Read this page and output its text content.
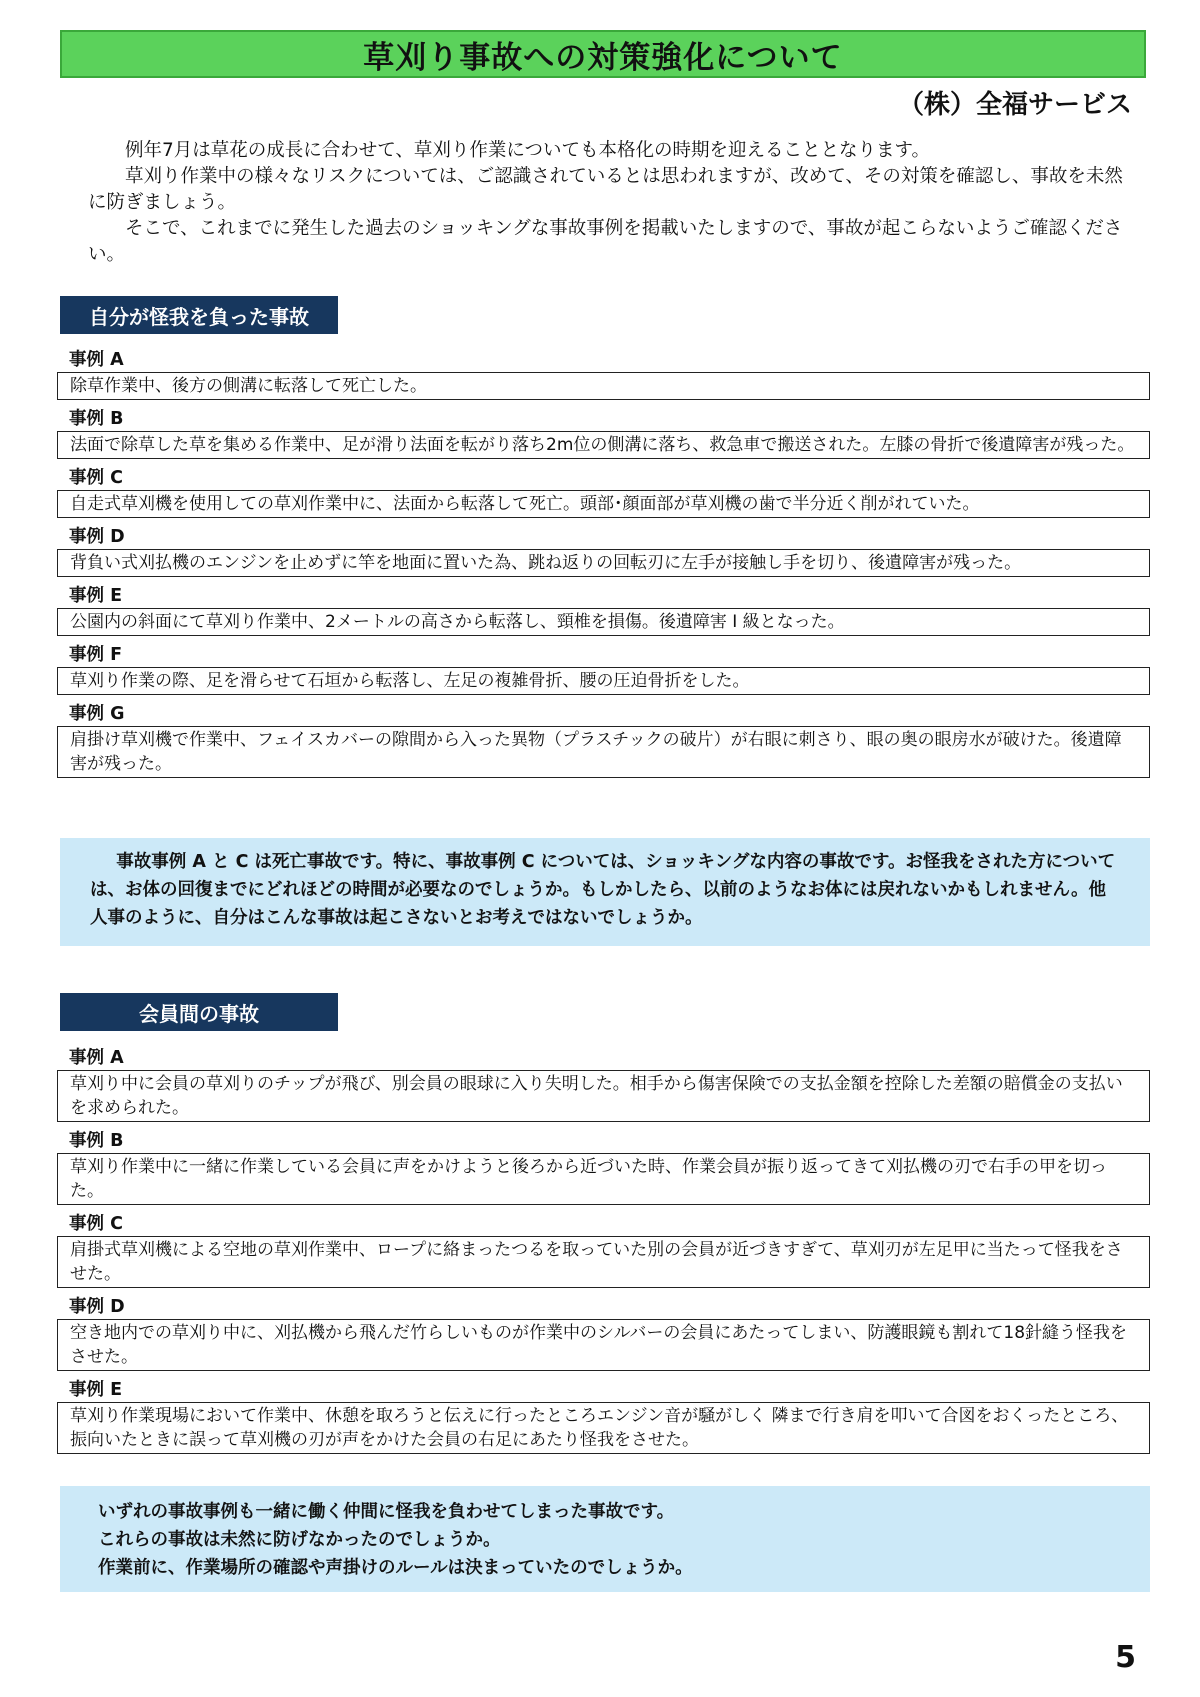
草刈り事故への対策強化について
（株）全福サービス

例年7月は草花の成長に合わせて、草刈り作業についても本格化の時期を迎えることとなります。

草刈り作業中の様々なリスクについては、ご認識されているとは思われますが、改めて、その対策を確認し、事故を未然に防ぎましょう。

そこで、これまでに発生した過去のショッキングな事故事例を掲載いたしますので、事故が起こらないようご確認ください。

自分が怪我を負った事故
事例 A
除草作業中、後方の側溝に転落して死亡した。
事例 B
法面で除草した草を集める作業中、足が滑り法面を転がり落ち2m位の側溝に落ち、救急車で搬送された。左膝の骨折で後遺障害が残った。
事例 C
自走式草刈機を使用しての草刈作業中に、法面から転落して死亡。頭部･顔面部が草刈機の歯で半分近く削がれていた。
事例 D
背負い式刈払機のエンジンを止めずに竿を地面に置いた為、跳ね返りの回転刃に左手が接触し手を切り、後遺障害が残った。
事例 E
公園内の斜面にて草刈り作業中、2メートルの高さから転落し、頸椎を損傷。後遺障害 Ⅰ 級となった。
事例 F
草刈り作業の際、足を滑らせて石垣から転落し、左足の複雑骨折、腰の圧迫骨折をした。
事例 G
肩掛け草刈機で作業中、フェイスカバーの隙間から入った異物（プラスチックの破片）が右眼に刺さり、眼の奥の眼房水が破けた。後遺障害が残った。

事故事例 A と C は死亡事故です。特に、事故事例 C については、ショッキングな内容の事故です。お怪我をされた方については、お体の回復までにどれほどの時間が必要なのでしょうか。もしかしたら、以前のようなお体には戻れないかもしれません。他人事のように、自分はこんな事故は起こさないとお考えではないでしょうか。

会員間の事故
事例 A
草刈り中に会員の草刈りのチップが飛び、別会員の眼球に入り失明した。相手から傷害保険での支払金額を控除した差額の賠償金の支払いを求められた。
事例 B
草刈り作業中に一緒に作業している会員に声をかけようと後ろから近づいた時、作業会員が振り返ってきて刈払機の刃で右手の甲を切った。
事例 C
肩掛式草刈機による空地の草刈作業中、ロープに絡まったつるを取っていた別の会員が近づきすぎて、草刈刃が左足甲に当たって怪我をさせた。
事例 D
空き地内での草刈り中に、刈払機から飛んだ竹らしいものが作業中のシルバーの会員にあたってしまい、防護眼鏡も割れて18針縫う怪我をさせた。
事例 E
草刈り作業現場において作業中、休憩を取ろうと伝えに行ったところエンジン音が騒がしく 隣まで行き肩を叩いて合図をおくったところ、振向いたときに誤って草刈機の刃が声をかけた会員の右足にあたり怪我をさせた。

いずれの事故事例も一緒に働く仲間に怪我を負わせてしまった事故です。

これらの事故は未然に防げなかったのでしょうか。

作業前に、作業場所の確認や声掛けのルールは決まっていたのでしょうか。

5
